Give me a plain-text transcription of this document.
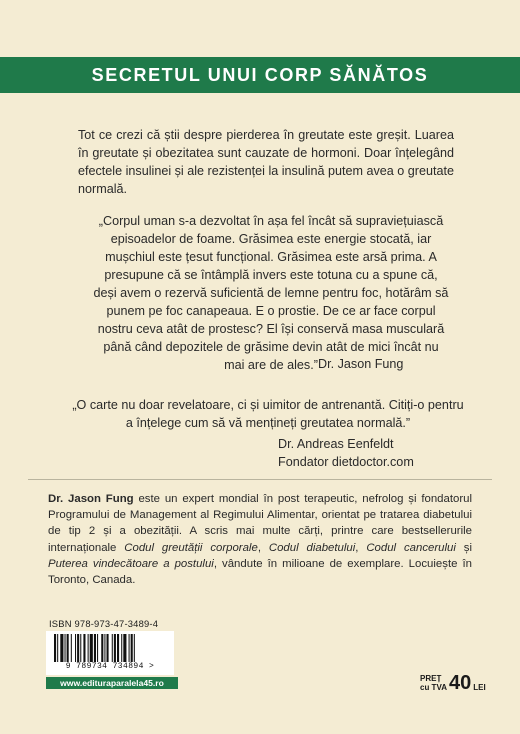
SECRETUL UNUI CORP SĂNĂTOS
Tot ce crezi că știi despre pierderea în greutate este greșit. Luarea în greutate și obezitatea sunt cauzate de hormoni. Doar înțelegând efectele insulinei și ale rezistenței la insulină putem avea o greutate normală.
„Corpul uman s-a dezvoltat în așa fel încât să supraviețuiască episoadelor de foame. Grăsimea este energie stocată, iar mușchiul este țesut funcțional. Grăsimea este arsă prima. A presupune că se întâmplă invers este totuna cu a spune că, deși avem o rezervă suficientă de lemne pentru foc, hotărâm să punem pe foc canapeaua. E o prostie. De ce ar face corpul nostru ceva atât de prostesc? El își conservă masa musculară până când depozitele de grăsime devin atât de mici încât nu mai are de ales.” Dr. Jason Fung
„O carte nu doar revelatoare, ci și uimitor de antrenantă. Citiți-o pentru a înțelege cum să vă mențineți greutatea normală.”
Dr. Andreas Eenfeldt
Fondator dietdoctor.com
Dr. Jason Fung este un expert mondial în post terapeutic, nefrolog și fondatorul Programului de Management al Regimului Alimentar, orientat pe tratarea diabetului de tip 2 și a obezității. A scris mai multe cărți, printre care bestsellerurile internaționale Codul greutății corporale, Codul diabetului, Codul cancerului și Puterea vindecătoare a postului, vândute în milioane de exemplare. Locuiește în Toronto, Canada.
ISBN 978-973-47-3489-4
9 789734 734894 >
www.edituraparalela45.ro	PREȚ
cu TVA 40 LEI
